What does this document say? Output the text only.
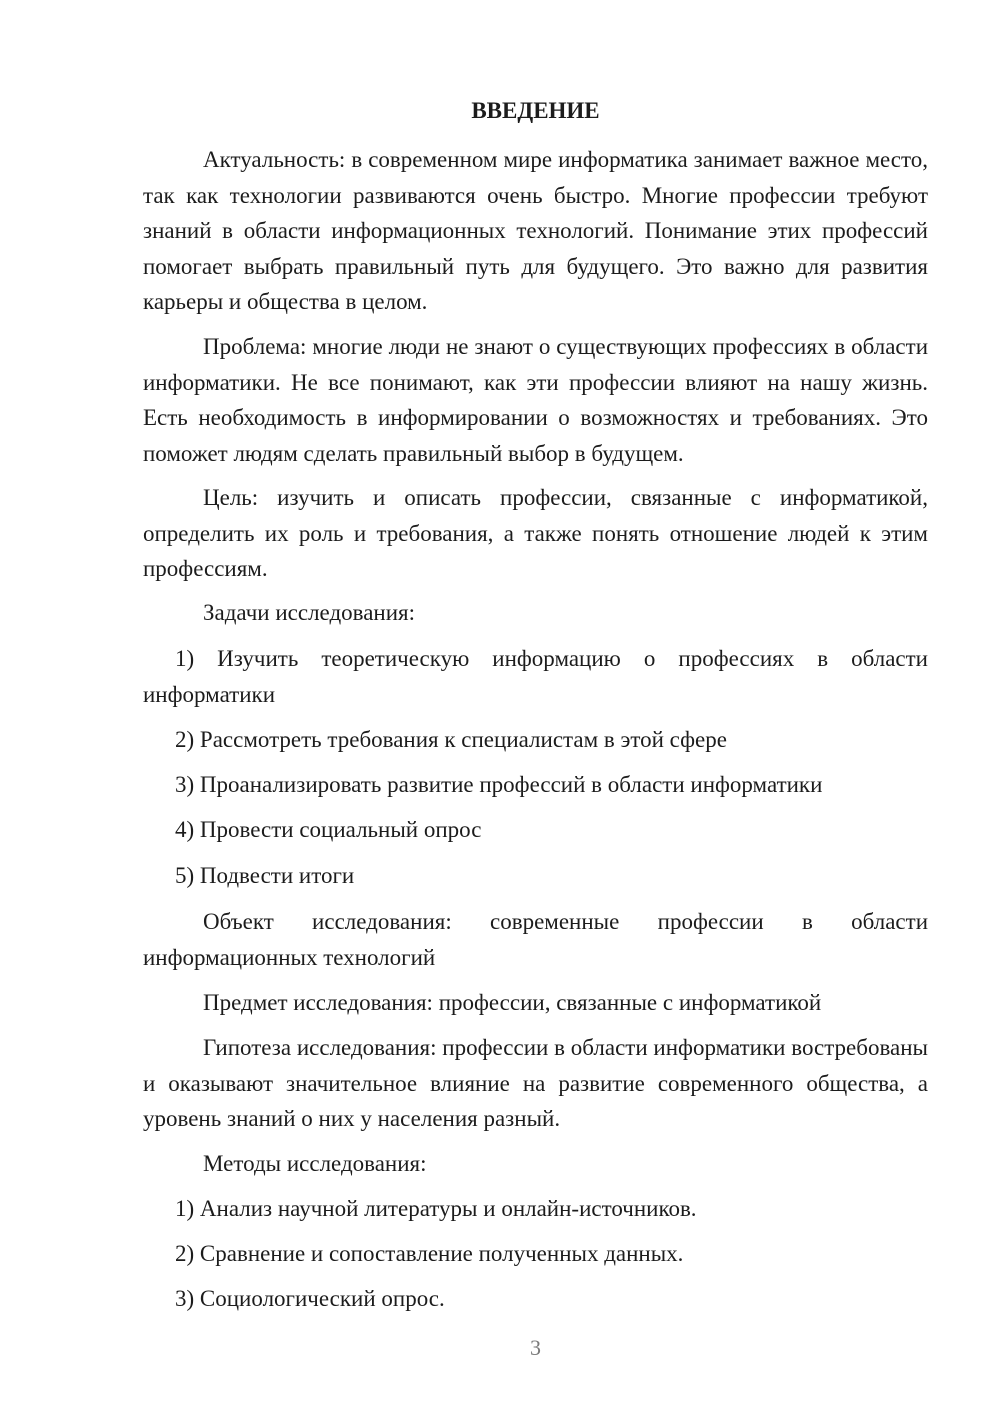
ВВЕДЕНИЕ

Актуальность: в современном мире информатика занимает важное место, так как технологии развиваются очень быстро. Многие профессии требуют знаний в области информационных технологий. Понимание этих профессий помогает выбрать правильный путь для будущего. Это важно для развития карьеры и общества в целом.

Проблема: многие люди не знают о существующих профессиях в области информатики. Не все понимают, как эти профессии влияют на нашу жизнь. Есть необходимость в информировании о возможностях и требованиях. Это поможет людям сделать правильный выбор в будущем.

Цель: изучить и описать профессии, связанные с информатикой, определить их роль и требования, а также понять отношение людей к этим профессиям.

Задачи исследования:

1) Изучить теоретическую информацию о профессиях в области информатики

2) Рассмотреть требования к специалистам в этой сфере

3) Проанализировать развитие профессий в области информатики

4) Провести социальный опрос

5) Подвести итоги

Объект исследования: современные профессии в области информационных технологий

Предмет исследования: профессии, связанные с информатикой

Гипотеза исследования: профессии в области информатики востребованы и оказывают значительное влияние на развитие современного общества, а уровень знаний о них у населения разный.

Методы исследования:

1) Анализ научной литературы и онлайн-источников.

2) Сравнение и сопоставление полученных данных.

3) Социологический опрос.

3
